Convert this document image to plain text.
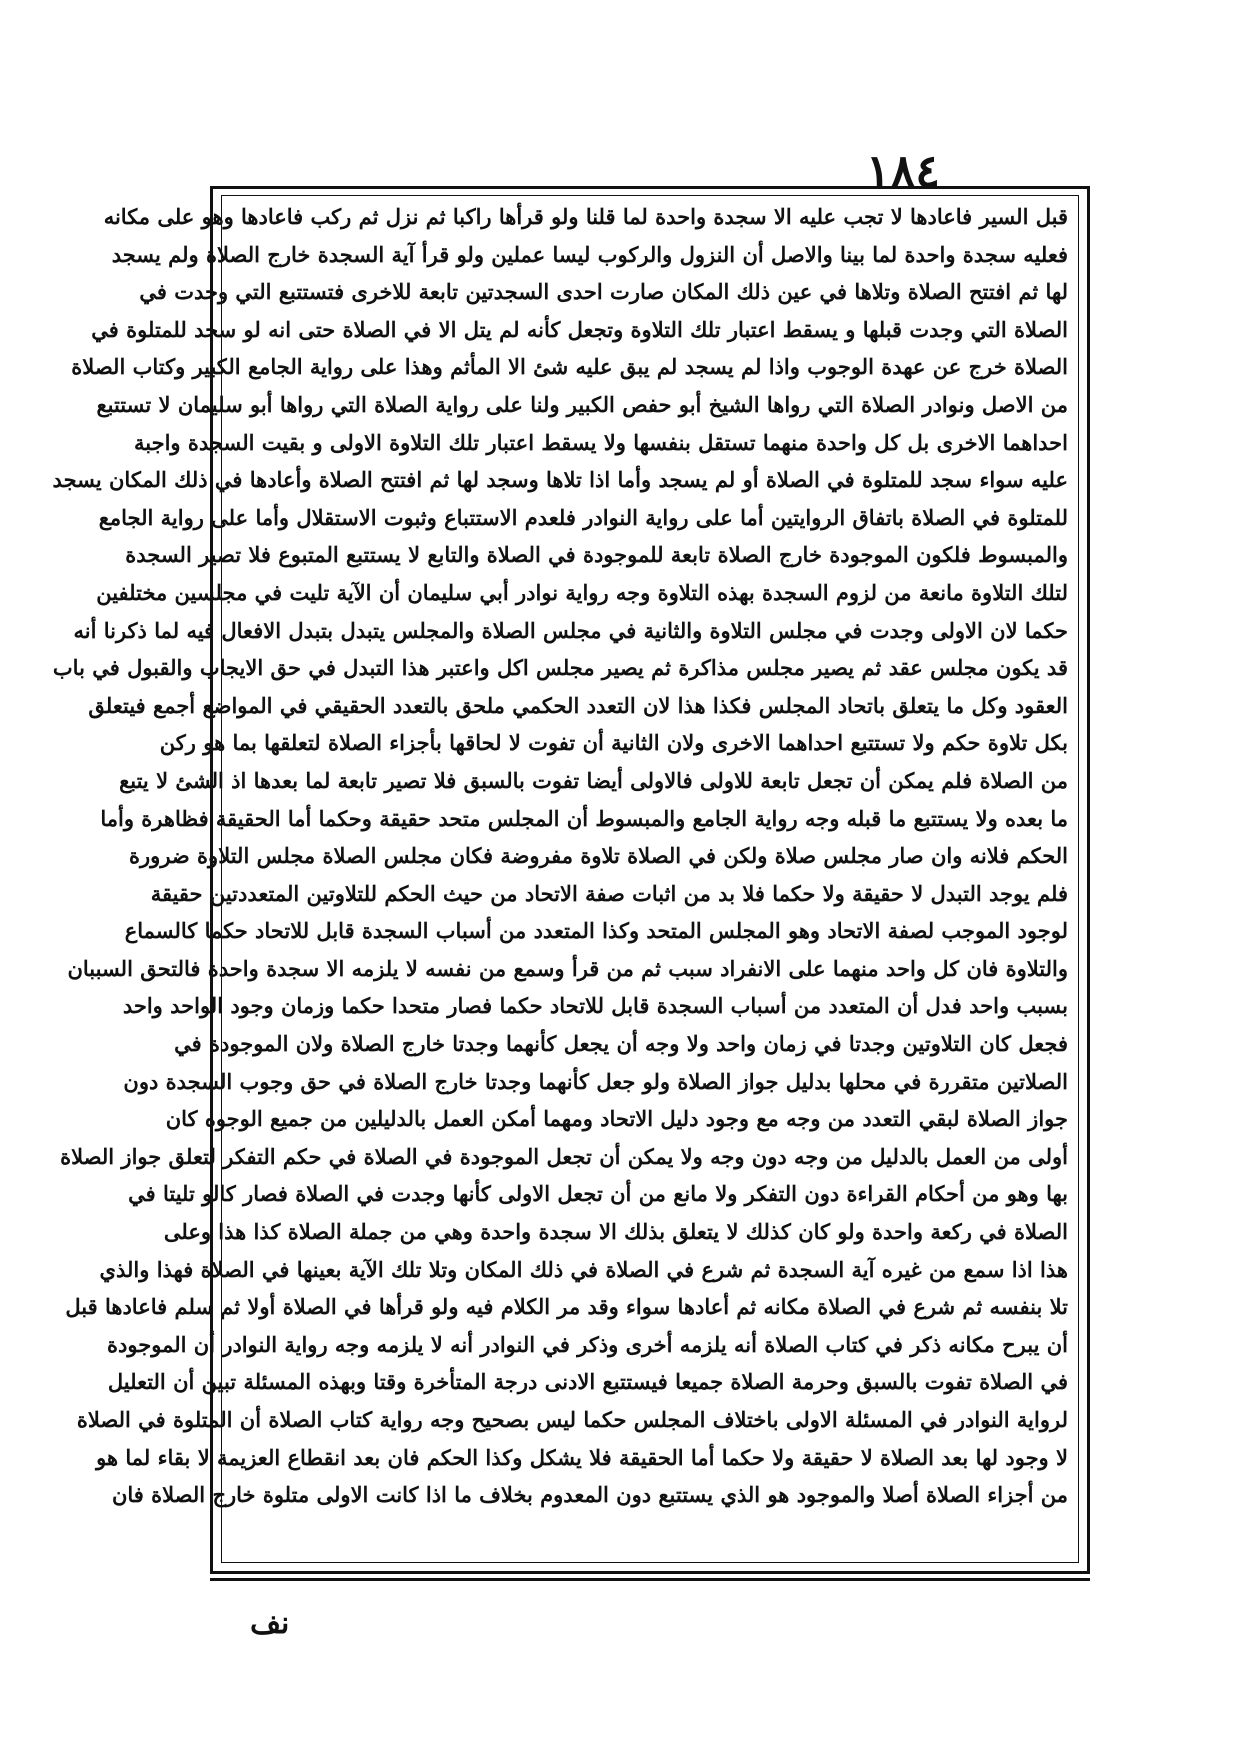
١٨٤
قبل السير فاعادها لا تجب عليه الا سجدة واحدة لما قلنا ولو قرأها راكبا ثم نزل ثم ركب فاعادها وهو على مكانه
فعليه سجدة واحدة لما بينا والاصل أن النزول والركوب ليسا عملين ولو قرأ آية السجدة خارج الصلاة ولم يسجد
لها ثم افتتح الصلاة وتلاها في عين ذلك المكان صارت احدى السجدتين تابعة للاخرى فتستتبع التي وجدت في
الصلاة التي وجدت قبلها و يسقط اعتبار تلك التلاوة وتجعل كأنه لم يتل الا في الصلاة حتى انه لو سجد للمتلوة في
الصلاة خرج عن عهدة الوجوب واذا لم يسجد لم يبق عليه شئ الا المأثم وهذا على رواية الجامع الكبير وكتاب الصلاة
من الاصل ونوادر الصلاة التي رواها الشيخ أبو حفص الكبير ولنا على رواية الصلاة التي رواها أبو سليمان لا تستتبع
احداهما الاخرى بل كل واحدة منهما تستقل بنفسها ولا يسقط اعتبار تلك التلاوة الاولى و بقيت السجدة واجبة
عليه سواء سجد للمتلوة في الصلاة أو لم يسجد وأما اذا تلاها وسجد لها ثم افتتح الصلاة وأعادها في ذلك المكان يسجد
للمتلوة في الصلاة باتفاق الروايتين أما على رواية النوادر فلعدم الاستتباع وثبوت الاستقلال وأما على رواية الجامع
والمبسوط فلكون الموجودة خارج الصلاة تابعة للموجودة في الصلاة والتابع لا يستتبع المتبوع فلا تصير السجدة
لتلك التلاوة مانعة من لزوم السجدة بهذه التلاوة وجه رواية نوادر أبي سليمان أن الآية تليت في مجلسين مختلفين
حكما لان الاولى وجدت في مجلس التلاوة والثانية في مجلس الصلاة والمجلس يتبدل بتبدل الافعال فيه لما ذكرنا أنه
قد يكون مجلس عقد ثم يصير مجلس مذاكرة ثم يصير مجلس اكل واعتبر هذا التبدل في حق الايجاب والقبول في باب
العقود وكل ما يتعلق باتحاد المجلس فكذا هذا لان التعدد الحكمي ملحق بالتعدد الحقيقي في المواضع أجمع فيتعلق
بكل تلاوة حكم ولا تستتبع احداهما الاخرى ولان الثانية أن تفوت لا لحاقها بأجزاء الصلاة لتعلقها بما هو ركن
من الصلاة فلم يمكن أن تجعل تابعة للاولى فالاولى أيضا تفوت بالسبق فلا تصير تابعة لما بعدها اذ الشئ لا يتبع
ما بعده ولا يستتبع ما قبله وجه رواية الجامع والمبسوط أن المجلس متحد حقيقة وحكما أما الحقيقة فظاهرة وأما
الحكم فلانه وان صار مجلس صلاة ولكن في الصلاة تلاوة مفروضة فكان مجلس الصلاة مجلس التلاوة ضرورة
فلم يوجد التبدل لا حقيقة ولا حكما فلا بد من اثبات صفة الاتحاد من حيث الحكم للتلاوتين المتعددتين حقيقة
لوجود الموجب لصفة الاتحاد وهو المجلس المتحد وكذا المتعدد من أسباب السجدة قابل للاتحاد حكما كالسماع
والتلاوة فان كل واحد منهما على الانفراد سبب ثم من قرأ وسمع من نفسه لا يلزمه الا سجدة واحدة فالتحق السببان
بسبب واحد فدل أن المتعدد من أسباب السجدة قابل للاتحاد حكما فصار متحدا حكما وزمان وجود الواحد واحد
فجعل كان التلاوتين وجدتا في زمان واحد ولا وجه أن يجعل كأنهما وجدتا خارج الصلاة ولان الموجودة في
الصلاتين متقررة في محلها بدليل جواز الصلاة ولو جعل كأنهما وجدتا خارج الصلاة في حق وجوب السجدة دون
جواز الصلاة لبقي التعدد من وجه مع وجود دليل الاتحاد ومهما أمكن العمل بالدليلين من جميع الوجوه كان
أولى من العمل بالدليل من وجه دون وجه ولا يمكن أن تجعل الموجودة في الصلاة في حكم التفكر لتعلق جواز الصلاة
بها وهو من أحكام القراءة دون التفكر ولا مانع من أن تجعل الاولى كأنها وجدت في الصلاة فصار كالو تليتا في
الصلاة في ركعة واحدة ولو كان كذلك لا يتعلق بذلك الا سجدة واحدة وهي من جملة الصلاة كذا هذا وعلى
هذا اذا سمع من غيره آية السجدة ثم شرع في الصلاة في ذلك المكان وتلا تلك الآية بعينها في الصلاة فهذا والذي
تلا بنفسه ثم شرع في الصلاة مكانه ثم أعادها سواء وقد مر الكلام فيه ولو قرأها في الصلاة أولا ثم سلم فاعادها قبل
أن يبرح مكانه ذكر في كتاب الصلاة أنه يلزمه أخرى وذكر في النوادر أنه لا يلزمه وجه رواية النوادر أن الموجودة
في الصلاة تفوت بالسبق وحرمة الصلاة جميعا فيستتبع الادنى درجة المتأخرة وقتا وبهذه المسئلة تبين أن التعليل
لرواية النوادر في المسئلة الاولى باختلاف المجلس حكما ليس بصحيح وجه رواية كتاب الصلاة أن المتلوة في الصلاة
لا وجود لها بعد الصلاة لا حقيقة ولا حكما أما الحقيقة فلا يشكل وكذا الحكم فان بعد انقطاع العزيمة لا بقاء لما هو
من أجزاء الصلاة أصلا والموجود هو الذي يستتبع دون المعدوم بخلاف ما اذا كانت الاولى متلوة خارج الصلاة فان
نف
